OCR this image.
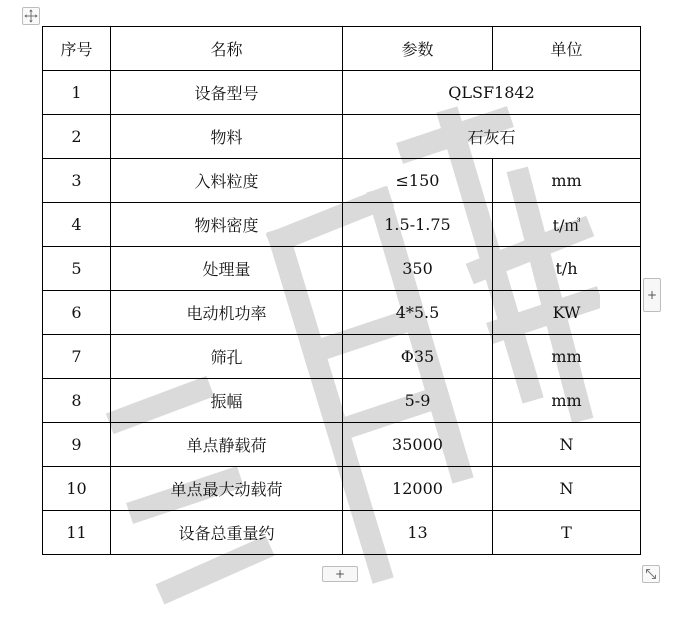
序号	名称	参数	单位
1	设备型号	QLSF1842	
2	物料	石灰石	
3	入料粒度	≤150	mm
4	物料密度	1.5-1.75	t/㎥
5	处理量	350	t/h
6	电动机功率	4*5.5	KW
7	筛孔	Φ35	mm
8	振幅	5-9	mm
9	单点静载荷	35000	N
10	单点最大动载荷	12000	N
11	设备总重量约	13	T
+
+
